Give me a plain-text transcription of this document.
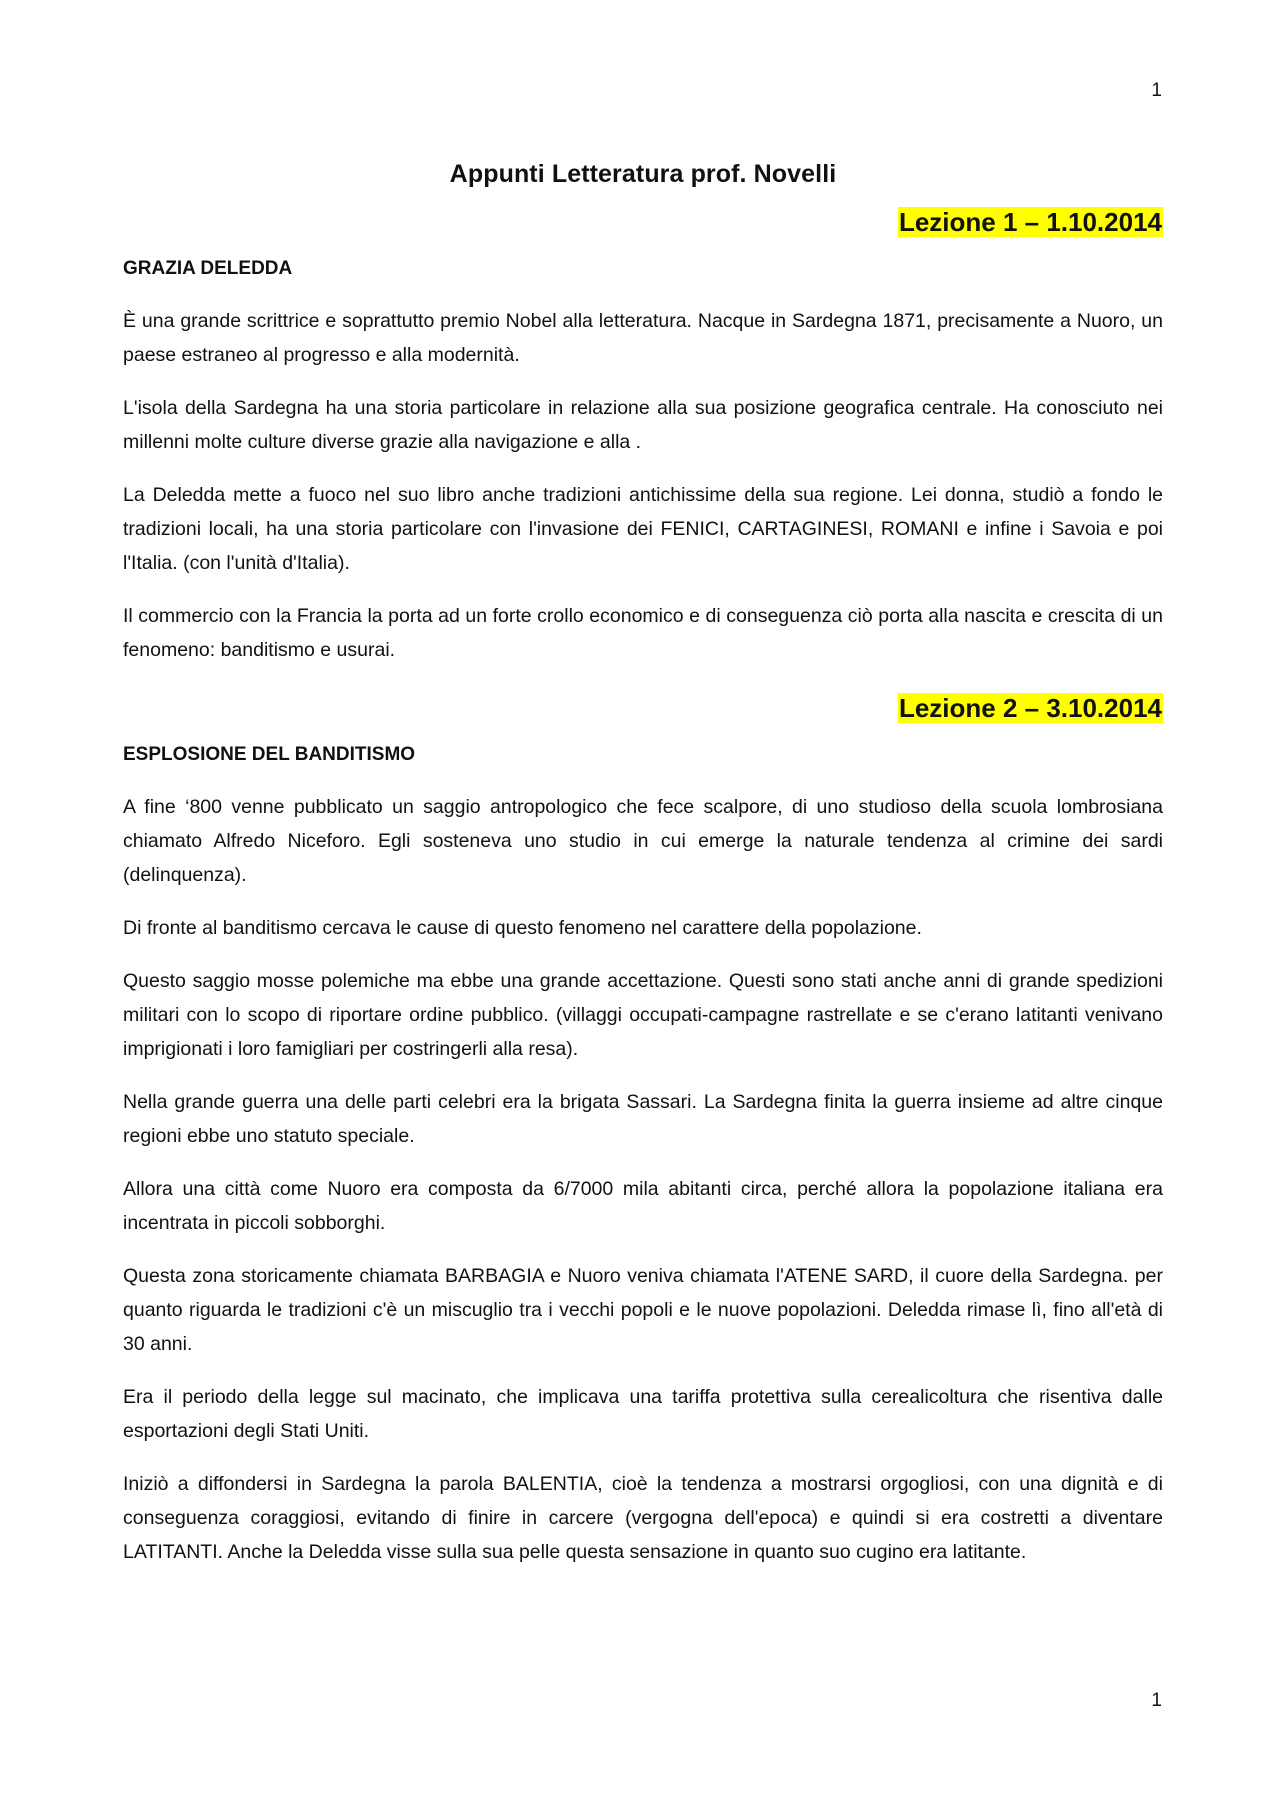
1
Appunti Letteratura prof. Novelli
Lezione 1 – 1.10.2014
GRAZIA DELEDDA

È una grande scrittrice e soprattutto premio Nobel alla letteratura. Nacque in Sardegna 1871, precisamente a Nuoro, un paese estraneo al progresso e alla modernità.

L'isola della Sardegna ha una storia particolare in relazione alla sua posizione geografica centrale. Ha conosciuto nei millenni molte culture diverse grazie alla navigazione e alla .

La Deledda mette a fuoco nel suo libro anche tradizioni antichissime della sua regione. Lei donna, studiò a fondo le tradizioni locali, ha una storia particolare con l'invasione dei FENICI, CARTAGINESI, ROMANI e infine i Savoia e poi l'Italia. (con l'unità d'Italia).

Il commercio con la Francia la porta ad un forte crollo economico e di conseguenza ciò porta alla nascita e crescita di un fenomeno: banditismo e usurai.

Lezione 2 – 3.10.2014
ESPLOSIONE DEL BANDITISMO

A fine ‘800 venne pubblicato un saggio antropologico che fece scalpore, di uno studioso della scuola lombrosiana chiamato Alfredo Niceforo. Egli sosteneva uno studio in cui emerge la naturale tendenza al crimine dei sardi (delinquenza).

Di fronte al banditismo cercava le cause di questo fenomeno nel carattere della popolazione.

Questo saggio mosse polemiche ma ebbe una grande accettazione. Questi sono stati anche anni di grande spedizioni militari con lo scopo di riportare ordine pubblico. (villaggi occupati-campagne rastrellate e se c'erano latitanti venivano imprigionati i loro famigliari per costringerli alla resa).

Nella grande guerra una delle parti celebri era la brigata Sassari. La Sardegna finita la guerra insieme ad altre cinque regioni ebbe uno statuto speciale.

Allora una città come Nuoro era composta da 6/7000 mila abitanti circa, perché allora la popolazione italiana era incentrata in piccoli sobborghi.

Questa zona storicamente chiamata BARBAGIA e Nuoro veniva chiamata l'ATENE SARD, il cuore della Sardegna. per quanto riguarda le tradizioni c'è un miscuglio tra i vecchi popoli e le nuove popolazioni. Deledda rimase lì, fino all'età di 30 anni.

Era il periodo della legge sul macinato, che implicava una tariffa protettiva sulla cerealicoltura che risentiva dalle esportazioni degli Stati Uniti.

Iniziò a diffondersi in Sardegna la parola BALENTIA, cioè la tendenza a mostrarsi orgogliosi, con una dignità e di conseguenza coraggiosi, evitando di finire in carcere (vergogna dell'epoca) e quindi si era costretti a diventare LATITANTI. Anche la Deledda visse sulla sua pelle questa sensazione in quanto suo cugino era latitante.

1
